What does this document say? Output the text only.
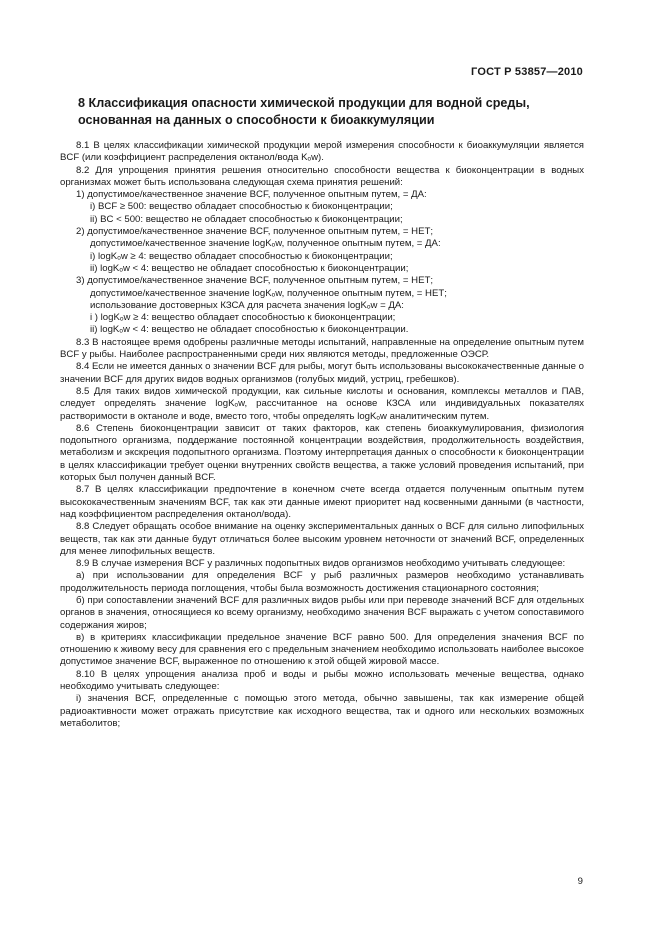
ГОСТ Р 53857—2010
8 Классификация опасности химической продукции для водной среды, основанная на данных о способности к биоаккумуляции

8.1 В целях классификации химической продукции мерой измерения способности к биоаккумуляции является BCF (или коэффициент распределения октанол/вода Kₒw).

8.2 Для упрощения принятия решения относительно способности вещества к биоконцентрации в водных организмах может быть использована следующая схема принятия решений:

1) допустимое/качественное значение BCF, полученное опытным путем, = ДА:

i) BCF ≥ 500: вещество обладает способностью к биоконцентрации;

ii) BC < 500: вещество не обладает способностью к биоконцентрации;

2) допустимое/качественное значение BCF, полученное опытным путем, = НЕТ;

допустимое/качественное значение logKₒw, полученное опытным путем, = ДА:

i) logKₒw ≥ 4: вещество обладает способностью к биоконцентрации;

ii) logKₒw < 4: вещество не обладает способностью к биоконцентрации;

3) допустимое/качественное значение BCF, полученное опытным путем, = НЕТ;

допустимое/качественное значение logKₒw, полученное опытным путем, = НЕТ;

использование достоверных КЗСА для расчета значения logKₒw = ДА:

i ) logKₒw ≥ 4: вещество обладает способностью к биоконцентрации;

ii) logKₒw < 4: вещество не обладает способностью к биоконцентрации.

8.3 В настоящее время одобрены различные методы испытаний, направленные на определение опытным путем BCF у рыбы. Наиболее распространенными среди них являются методы, предложенные ОЭСР.

8.4 Если не имеется данных о значении BCF для рыбы, могут быть использованы высококачественные данные о значении BCF для других видов водных организмов (голубых мидий, устриц, гребешков).

8.5 Для таких видов химической продукции, как сильные кислоты и основания, комплексы металлов и ПАВ, следует определять значение logKₒw, рассчитанное на основе КЗСА или индивидуальных показателях растворимости в октаноле и воде, вместо того, чтобы определять logKₒw аналитическим путем.

8.6 Степень биоконцентрации зависит от таких факторов, как степень биоаккумулирования, физиология подопытного организма, поддержание постоянной концентрации воздействия, продолжительность воздействия, метаболизм и экскреция подопытного организма. Поэтому интерпретация данных о способности к биоконцентрации в целях классификации требует оценки внутренних свойств вещества, а также условий проведения испытаний, при которых был получен данный BCF.

8.7 В целях классификации предпочтение в конечном счете всегда отдается полученным опытным путем высококачественным значениям BCF, так как эти данные имеют приоритет над косвенными данными (в частности, над коэффициентом распределения октанол/вода).

8.8 Следует обращать особое внимание на оценку экспериментальных данных о BCF для сильно липофильных веществ, так как эти данные будут отличаться более высоким уровнем неточности от значений BCF, определенных для менее липофильных веществ.

8.9 В случае измерения BCF у различных подопытных видов организмов необходимо учитывать следующее:

а) при использовании для определения BCF у рыб различных размеров необходимо устанавливать продолжительность периода поглощения, чтобы была возможность достижения стационарного состояния;

б) при сопоставлении значений BCF для различных видов рыбы или при переводе значений BCF для отдельных органов в значения, относящиеся ко всему организму, необходимо значения BCF выражать с учетом сопоставимого содержания жиров;

в) в критериях классификации предельное значение BCF равно 500. Для определения значения BCF по отношению к живому весу для сравнения его с предельным значением необходимо использовать наиболее высокое допустимое значение BCF, выраженное по отношению к этой общей жировой массе.

8.10 В целях упрощения анализа проб и воды и рыбы можно использовать меченые вещества, однако необходимо учитывать следующее:

i) значения BCF, определенные с помощью этого метода, обычно завышены, так как измерение общей радиоактивности может отражать присутствие как исходного вещества, так и одного или нескольких возможных метаболитов;

9
